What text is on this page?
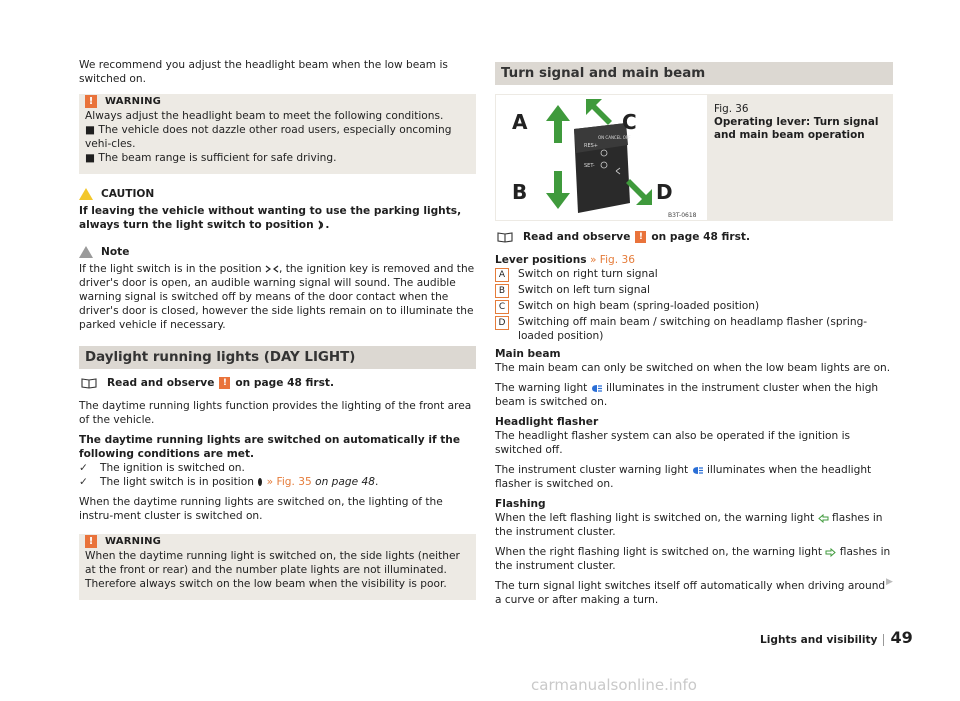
We recommend you adjust the headlight beam when the low beam is switched on.

!	WARNING

Always adjust the headlight beam to meet the following conditions.

■ The vehicle does not dazzle other road users, especially oncoming vehi-cles.

■ The beam range is sufficient for safe driving.

CAUTION

If leaving the vehicle without wanting to use the parking lights, always turn the light switch to position .

Note

If the light switch is in the position , the ignition key is removed and the driver's door is open, an audible warning signal will sound. The audible warning signal is switched off by means of the door contact when the driver's door is closed, however the side lights remain on to illuminate the parked vehicle if necessary.

Daylight running lights (DAY LIGHT)
Read and observe ! on page 48 first.

The daytime running lights function provides the lighting of the front area of the vehicle.

The daytime running lights are switched on automatically if the following conditions are met.

✓	The ignition is switched on.
✓	The light switch is in position » Fig. 35 on page 48.

When the daytime running lights are switched on, the lighting of the instru-ment cluster is switched on.

!	WARNING

When the daytime running light is switched on, the side lights (neither at the front or rear) and the number plate lights are not illuminated. Therefore always switch on the low beam when the visibility is poor.

Turn signal and main beam
RES+
SET-
ON CANCEL OFF
A
B
C
D
B3T-0618
Fig. 36
Operating lever: Turn signal and main beam operation
Read and observe ! on page 48 first.

Lever positions » Fig. 36

A	Switch on right turn signal
B	Switch on left turn signal
C	Switch on high beam (spring-loaded position)
D	Switching off main beam / switching on headlamp flasher (spring-loaded position)

Main beam

The main beam can only be switched on when the low beam lights are on.

The warning light illuminates in the instrument cluster when the high beam is switched on.

Headlight flasher

The headlight flasher system can also be operated if the ignition is switched off.

The instrument cluster warning light illuminates when the headlight flasher is switched on.

Flashing

When the left flashing light is switched on, the warning light flashes in the instrument cluster.

When the right flashing light is switched on, the warning light flashes in the instrument cluster.

The turn signal light switches itself off automatically when driving around a curve or after making a turn.

▶
Lights and visibility 49
carmanualsonline.info
